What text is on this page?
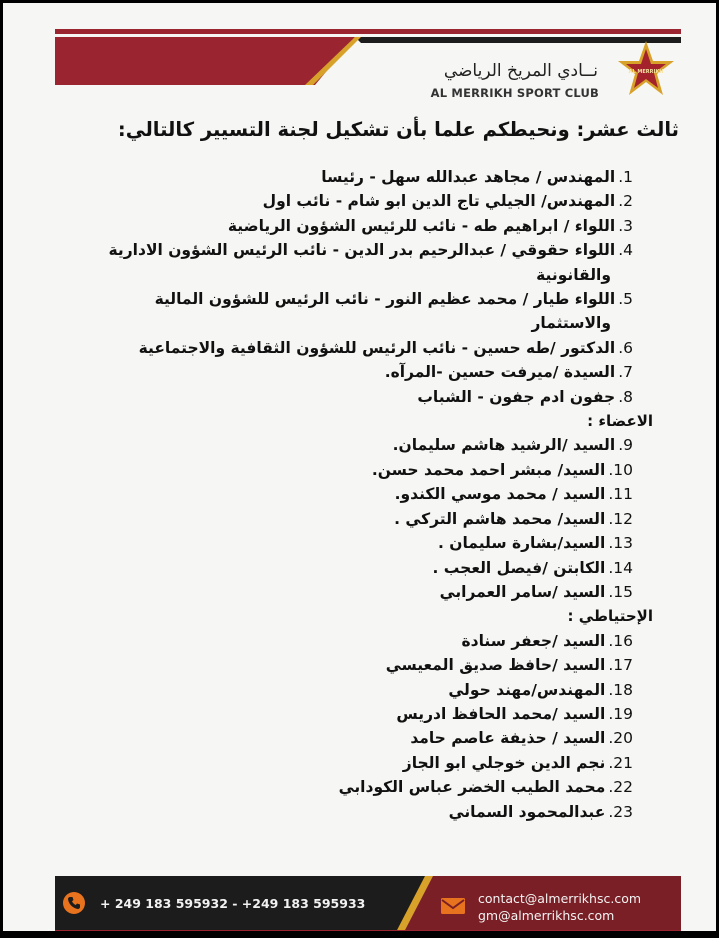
نــادي المريخ الرياضي
AL MERRIKH SPORT CLUB
AL MERRIKH
ثالث عشر: ونحيطكم علما بأن تشكيل لجنة التسيير كالتالي:
1.المهندس / مجاهد عبدالله سهل - رئيسا
2.المهندس/ الجيلي تاج الدين ابو شام - نائب اول
3.اللواء / ابراهيم طه - نائب للرئيس الشؤون الرياضية
4.اللواء حقوقي / عبدالرحيم بدر الدين - نائب الرئيس الشؤون الادارية
والقانونية
5.اللواء طيار / محمد عظيم النور - نائب الرئيس للشؤون المالية
والاستثمار
6.الدكتور /طه حسين - نائب الرئيس للشؤون الثقافية والاجتماعية
7.السيدة /ميرفت حسين -المرآه.
8.جفون ادم جفون - الشباب
الاعضاء :
9.السيد /الرشيد هاشم سليمان.
10.السيد/ مبشر احمد محمد حسن.
11.السيد / محمد موسي الكندو.
12.السيد/ محمد هاشم التركي .
13.السيد/بشارة سليمان .
14.الكابتن /فيصل العجب .
15.السيد /سامر العمرابي
الإحتياطي :
16.السيد /جعفر سنادة
17.السيد /حافظ صديق المعيسي
18.المهندس/مهند حولي
19.السيد /محمد الحافظ ادريس
20.السيد / حذيفة عاصم حامد
21.نجم الدين خوجلي ابو الجاز
22.محمد الطيب الخضر عباس الكودابي
23.عبدالمحمود السماني
+ 249 183 595932 - +249 183 595933	contact@almerrikhsc.com
gm@almerrikhsc.com
